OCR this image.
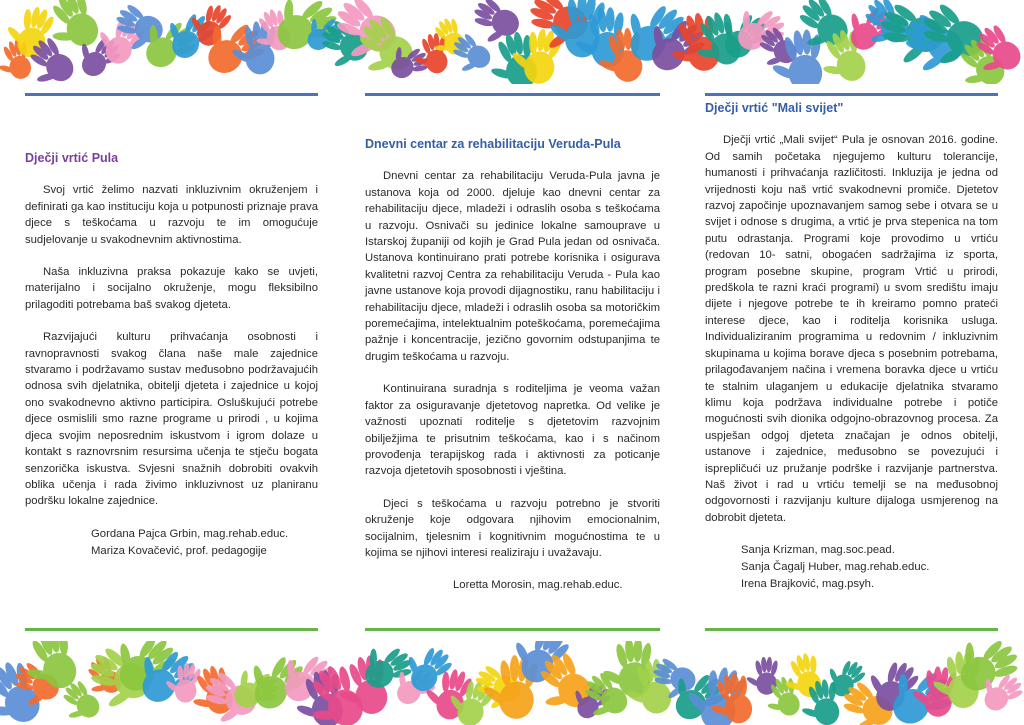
Dječji vrtić Pula

Svoj vrtić želimo nazvati inkluzivnim okruženjem i definirati ga kao instituciju koja u potpunosti priznaje prava djece s teškoćama u razvoju te im omogućuje sudjelovanje u svakodnevnim aktivnostima.

Naša inkluzivna praksa pokazuje kako se uvjeti, materijalno i socijalno okruženje, mogu fleksibilno prilagoditi potrebama baš svakog djeteta.

Razvijajući kulturu prihvaćanja osobnosti i ravnopravnosti svakog člana naše male zajednice stvaramo i podržavamo sustav međusobno podržavajućih odnosa svih djelatnika, obitelji djeteta i zajednice u kojoj ono svakodnevno aktivno participira. Osluškujući potrebe djece osmislili smo razne programe u prirodi , u kojima djeca svojim neposrednim iskustvom i igrom dolaze u kontakt s raznovrsnim resursima učenja te stječu bogata senzorička iskustva. Svjesni snažnih dobrobiti ovakvih oblika učenja i rada živimo inkluzivnost uz planiranu podršku lokalne zajednice.

Gordana Pajca Grbin, mag.rehab.educ.
Mariza Kovačević, prof. pedagogije
Dnevni centar za rehabilitaciju Veruda-Pula

Dnevni centar za rehabilitaciju Veruda-Pula javna je ustanova koja od 2000. djeluje kao dnevni centar za rehabilitaciju djece, mladeži i odraslih osoba s teškoćama u razvoju. Osnivači su jedinice lokalne samouprave u Istarskoj županiji od kojih je Grad Pula jedan od osnivača. Ustanova kontinuirano prati potrebe korisnika i osigurava kvalitetni razvoj Centra za rehabilitaciju Veruda - Pula kao javne ustanove koja provodi dijagnostiku, ranu habilitaciju i rehabilitaciju djece, mladeži i odraslih osoba sa motoričkim poremećajima, intelektualnim poteškoćama, poremećajima pažnje i koncentracije, jezično govornim odstupanjima te drugim teškoćama u razvoju.

Kontinuirana suradnja s roditeljima je veoma važan faktor za osiguravanje djetetovog napretka. Od velike je važnosti upoznati roditelje s djetetovim razvojnim obilježjima te prisutnim teškoćama, kao i s načinom provođenja terapijskog rada i aktivnosti za poticanje razvoja djetetovih sposobnosti i vještina.

Djeci s teškoćama u razvoju potrebno je stvoriti okruženje koje odgovara njihovim emocionalnim, socijalnim, tjelesnim i kognitivnim mogućnostima te u kojima se njihovi interesi realiziraju i uvažavaju.

Loretta Morosin, mag.rehab.educ.
Dječji vrtić "Mali svijet"

Dječji vrtić „Mali svijet“ Pula je osnovan 2016. godine. Od samih početaka njegujemo kulturu tolerancije, humanosti i prihvaćanja različitosti. Inkluzija je jedna od vrijednosti koju naš vrtić svakodnevni promiče. Djetetov razvoj započinje upoznavanjem samog sebe i otvara se u svijet i odnose s drugima, a vrtić je prva stepenica na tom putu odrastanja. Programi koje provodimo u vrtiću (redovan 10- satni, obogaćen sadržajima iz sporta, program posebne skupine, program Vrtić u prirodi, predškola te razni kraći programi) u svom središtu imaju dijete i njegove potrebe te ih kreiramo pomno prateći interese djece, kao i roditelja korisnika usluga. Individualiziranim programima u redovnim / inkluzivnim skupinama u kojima borave djeca s posebnim potrebama, prilagođavanjem načina i vremena boravka djece u vrtiću te stalnim ulaganjem u edukacije djelatnika stvaramo klimu koja podržava individualne potrebe i potiče mogućnosti svih dionika odgojno-obrazovnog procesa. Za uspješan odgoj djeteta značajan je odnos obitelji, ustanove i zajednice, međusobno se povezujući i isprepličući uz pružanje podrške i razvijanje partnerstva. Naš život i rad u vrtiću temelji se na međusobnoj odgovornosti i razvijanju kulture dijaloga usmjerenog na dobrobit djeteta.

Sanja Krizman, mag.soc.pead.
Sanja Čagalj Huber, mag.rehab.educ.
Irena Brajković, mag.psyh.
